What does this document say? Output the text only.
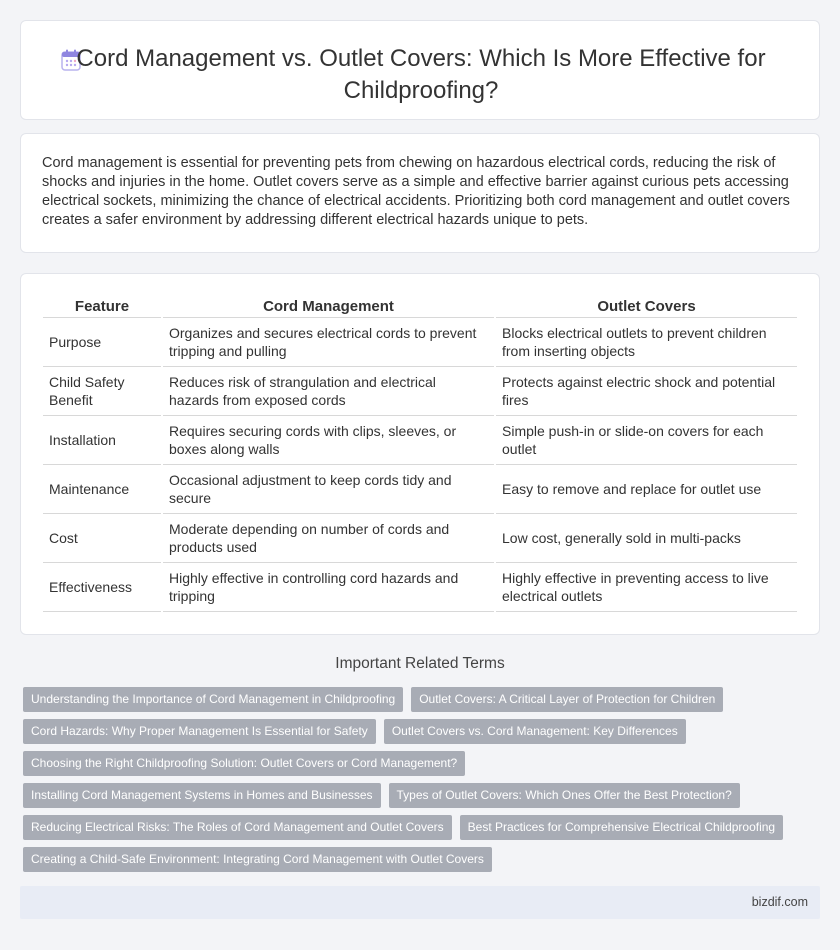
Cord Management vs. Outlet Covers: Which Is More Effective for Childproofing?

Cord management is essential for preventing pets from chewing on hazardous electrical cords, reducing the risk of shocks and injuries in the home. Outlet covers serve as a simple and effective barrier against curious pets accessing electrical sockets, minimizing the chance of electrical accidents. Prioritizing both cord management and outlet covers creates a safer environment by addressing different electrical hazards unique to pets.

Feature	Cord Management	Outlet Covers
Purpose	Organizes and secures electrical cords to prevent tripping and pulling	Blocks electrical outlets to prevent children from inserting objects
Child Safety Benefit	Reduces risk of strangulation and electrical hazards from exposed cords	Protects against electric shock and potential fires
Installation	Requires securing cords with clips, sleeves, or boxes along walls	Simple push-in or slide-on covers for each outlet
Maintenance	Occasional adjustment to keep cords tidy and secure	Easy to remove and replace for outlet use
Cost	Moderate depending on number of cords and products used	Low cost, generally sold in multi-packs
Effectiveness	Highly effective in controlling cord hazards and tripping	Highly effective in preventing access to live electrical outlets
Important Related Terms
Understanding the Importance of Cord Management in Childproofing	Outlet Covers: A Critical Layer of Protection for Children
Cord Hazards: Why Proper Management Is Essential for Safety	Outlet Covers vs. Cord Management: Key Differences
Choosing the Right Childproofing Solution: Outlet Covers or Cord Management?
Installing Cord Management Systems in Homes and Businesses	Types of Outlet Covers: Which Ones Offer the Best Protection?
Reducing Electrical Risks: The Roles of Cord Management and Outlet Covers	Best Practices for Comprehensive Electrical Childproofing
Creating a Child-Safe Environment: Integrating Cord Management with Outlet Covers
bizdif.com
